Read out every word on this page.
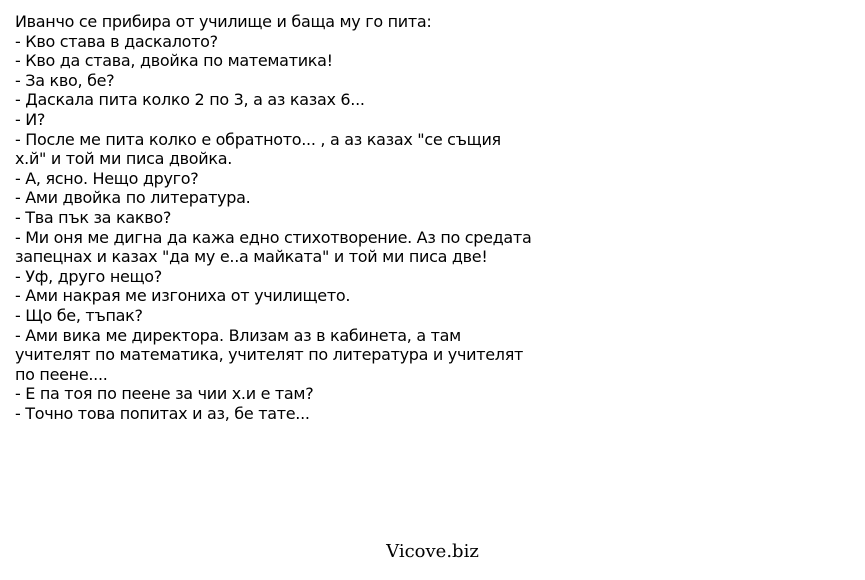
Иванчо се прибира от училище и баща му го пита:
- Кво става в даскалото?
- Кво да става, двойка по математика!
- За кво, бе?
- Даскала пита колко 2 по 3, а аз казах 6...
- И?
- После ме пита колко е обратното... , а аз казах "се същия
х.й" и той ми писа двойка.
- А, ясно. Нещо друго?
- Ами двойка по литература.
- Тва пък за какво?
- Ми оня ме дигна да кажа едно стихотворение. Аз по средата
запецнах и казах "да му е..а майката" и той ми писа две!
- Уф, друго нещо?
- Ами накрая ме изгониха от училището.
- Що бе, тъпак?
- Ами вика ме директора. Влизам аз в кабинета, а там
учителят по математика, учителят по литература и учителят
по пеене....
- Е па тоя по пеене за чии х.и е там?
- Точно това попитах и аз, бе тате...
Vicove.biz
